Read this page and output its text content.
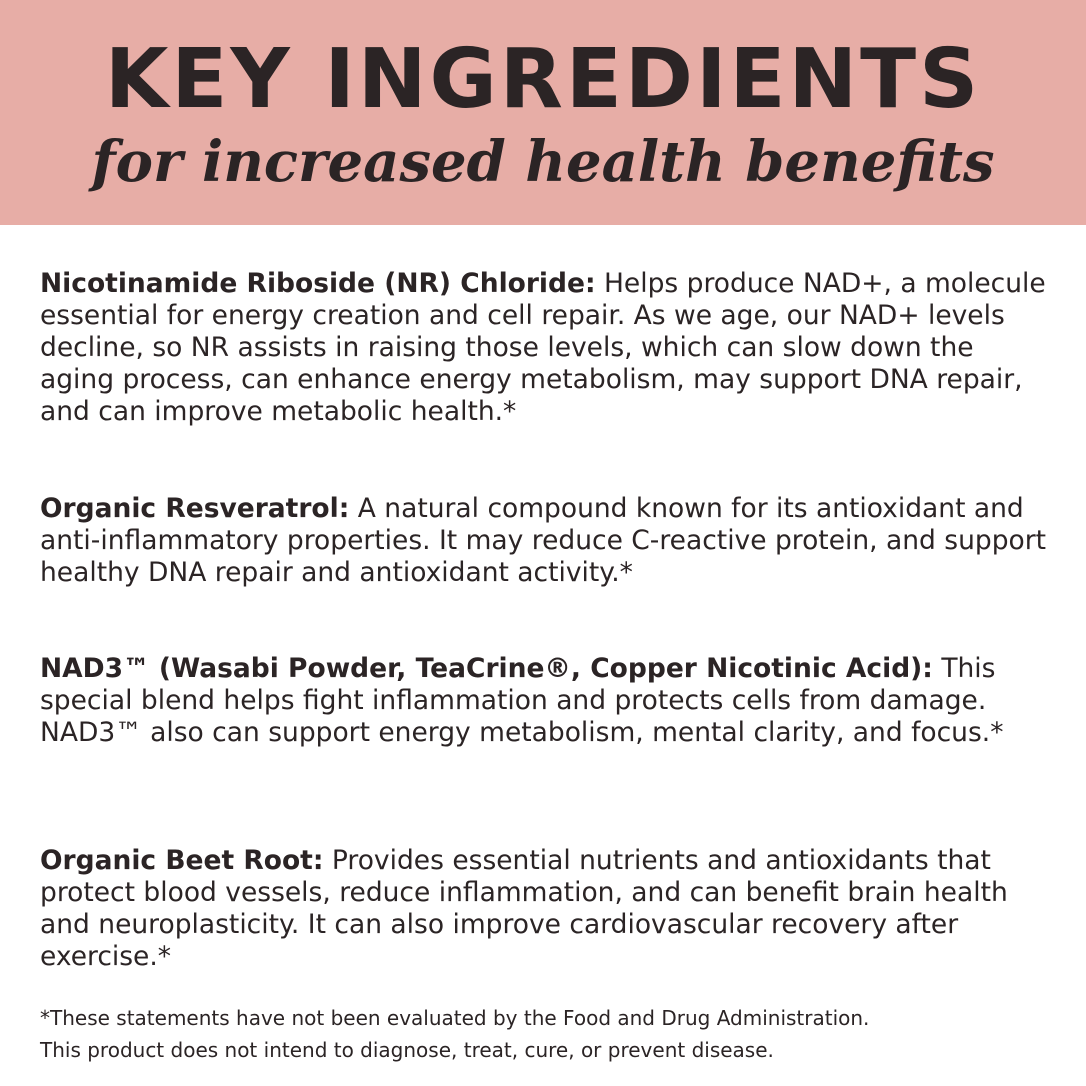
KEY INGREDIENTS

for increased health benefits

Nicotinamide Riboside (NR) Chloride: Helps produce NAD+, a molecule essential for energy creation and cell repair. As we age, our NAD+ levels decline, so NR assists in raising those levels, which can slow down the aging process, can enhance energy metabolism, may support DNA repair, and can improve metabolic health.*

Organic Resveratrol: A natural compound known for its antioxidant and anti-inflammatory properties. It may reduce C-reactive protein, and support healthy DNA repair and antioxidant activity.*

NAD3™ (Wasabi Powder, TeaCrine®, Copper Nicotinic Acid): This special blend helps fight inflammation and protects cells from damage. NAD3™ also can support energy metabolism, mental clarity, and focus.*

Organic Beet Root: Provides essential nutrients and antioxidants that protect blood vessels, reduce inflammation, and can benefit brain health and neuroplasticity. It can also improve cardiovascular recovery after exercise.*

*These statements have not been evaluated by the Food and Drug Administration.
This product does not intend to diagnose, treat, cure, or prevent disease.
